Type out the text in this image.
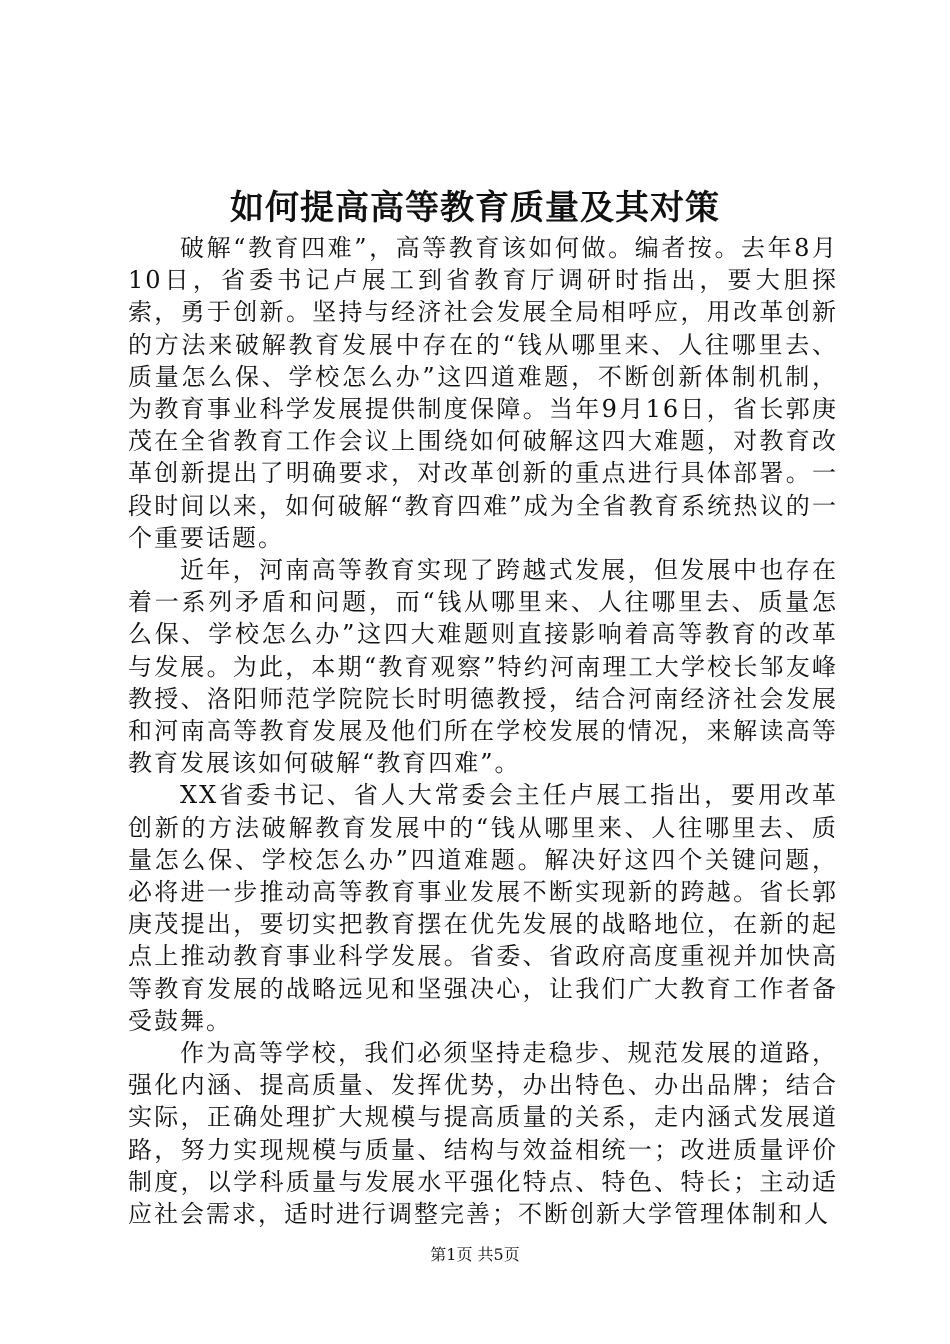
如何提高高等教育质量及其对策

破解“教育四难”，高等教育该如何做。编者按。去年8月10日，省委书记卢展工到省教育厅调研时指出，要大胆探索，勇于创新。坚持与经济社会发展全局相呼应，用改革创新的方法来破解教育发展中存在的“钱从哪里来、人往哪里去、质量怎么保、学校怎么办”这四道难题，不断创新体制机制，为教育事业科学发展提供制度保障。当年9月16日，省长郭庚茂在全省教育工作会议上围绕如何破解这四大难题，对教育改革创新提出了明确要求，对改革创新的重点进行具体部署。一段时间以来，如何破解“教育四难”成为全省教育系统热议的一个重要话题。

近年，河南高等教育实现了跨越式发展，但发展中也存在着一系列矛盾和问题，而“钱从哪里来、人往哪里去、质量怎么保、学校怎么办”这四大难题则直接影响着高等教育的改革与发展。为此，本期“教育观察”特约河南理工大学校长邹友峰教授、洛阳师范学院院长时明德教授，结合河南经济社会发展和河南高等教育发展及他们所在学校发展的情况，来解读高等教育发展该如何破解“教育四难”。

XX省委书记、省人大常委会主任卢展工指出，要用改革创新的方法破解教育发展中的“钱从哪里来、人往哪里去、质量怎么保、学校怎么办”四道难题。解决好这四个关键问题，必将进一步推动高等教育事业发展不断实现新的跨越。省长郭庚茂提出，要切实把教育摆在优先发展的战略地位，在新的起点上推动教育事业科学发展。省委、省政府高度重视并加快高等教育发展的战略远见和坚强决心，让我们广大教育工作者备受鼓舞。

作为高等学校，我们必须坚持走稳步、规范发展的道路，强化内涵、提高质量、发挥优势，办出特色、办出品牌；结合实际，正确处理扩大规模与提高质量的关系，走内涵式发展道路，努力实现规模与质量、结构与效益相统一；改进质量评价制度，以学科质量与发展水平强化特点、特色、特长；主动适应社会需求，适时进行调整完善；不断创新大学管理体制和人

第1页 共5页
